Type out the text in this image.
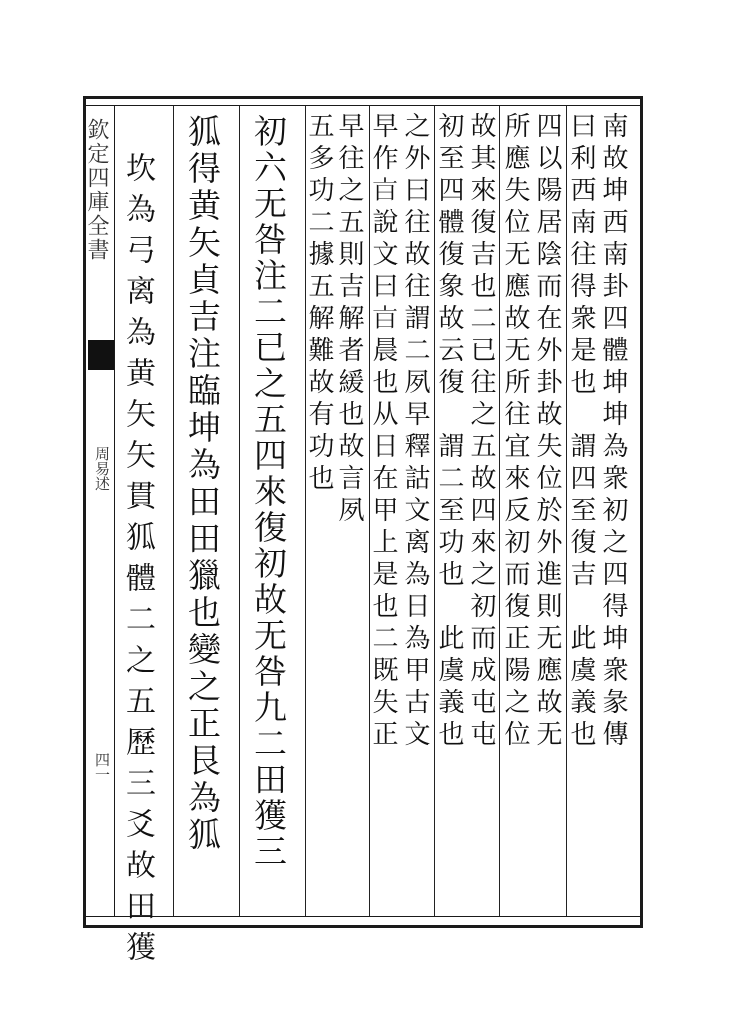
欽定四庫全書
周易述
四一
南故坤西南卦四體坤坤為衆初之四得坤衆彖傳
曰利西南往得衆是也　謂四至復吉　此虞義也
四以陽居陰而在外卦故失位於外進則无應故无
所應失位无應故无所往宜來反初而復正陽之位
故其來復吉也二已往之五故四來之初而成屯屯
初至四體復象故云復　謂二至功也　此虞義也
之外曰往故往謂二夙早釋詁文离為日為甲古文
早作𣅀說文曰𣅀晨也从日在甲上是也二既失正
早往之五則吉解者緩也故言夙
五多功二據五解難故有功也
初六无咎注二已之五四來復初故无咎九二田獲三
狐得黄矢貞吉注臨坤為田田獵也變之正艮為狐
坎為弓离為黄矢矢貫狐體二之五歷三爻故田獲
